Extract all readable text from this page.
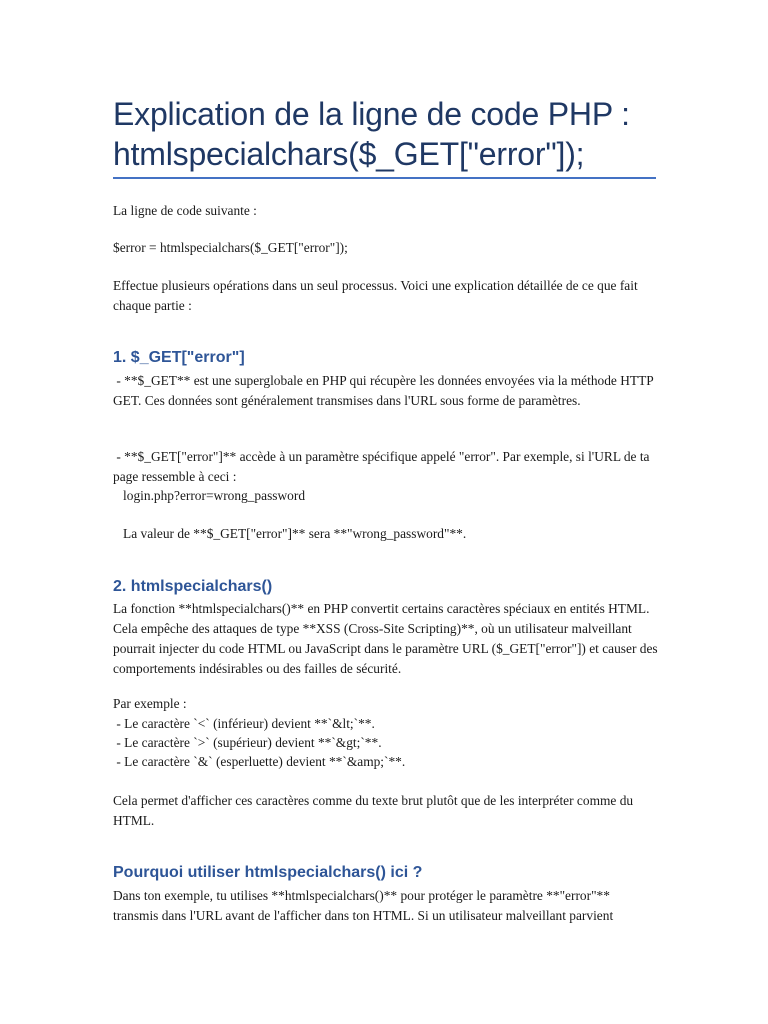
Explication de la ligne de code PHP :
htmlspecialchars($_GET["error"]);

La ligne de code suivante :

$error = htmlspecialchars($_GET["error"]);

Effectue plusieurs opérations dans un seul processus. Voici une explication détaillée de ce que fait chaque partie :

1. $_GET["error"]

- **$_GET** est une superglobale en PHP qui récupère les données envoyées via la méthode HTTP GET. Ces données sont généralement transmises dans l'URL sous forme de paramètres.

- **$_GET["error"]** accède à un paramètre spécifique appelé "error". Par exemple, si l'URL de ta page ressemble à ceci :

login.php?error=wrong_password

La valeur de **$_GET["error"]** sera **"wrong_password"**.

2. htmlspecialchars()

La fonction **htmlspecialchars()** en PHP convertit certains caractères spéciaux en entités HTML. Cela empêche des attaques de type **XSS (Cross-Site Scripting)**, où un utilisateur malveillant pourrait injecter du code HTML ou JavaScript dans le paramètre URL ($_GET["error"]) et causer des comportements indésirables ou des failles de sécurité.

Par exemple :

- Le caractère `<` (inférieur) devient **`&lt;`**.

- Le caractère `>` (supérieur) devient **`&gt;`**.

- Le caractère `&` (esperluette) devient **`&amp;`**.

Cela permet d'afficher ces caractères comme du texte brut plutôt que de les interpréter comme du HTML.

Pourquoi utiliser htmlspecialchars() ici ?

Dans ton exemple, tu utilises **htmlspecialchars()** pour protéger le paramètre **"error"** transmis dans l'URL avant de l'afficher dans ton HTML. Si un utilisateur malveillant parvient
